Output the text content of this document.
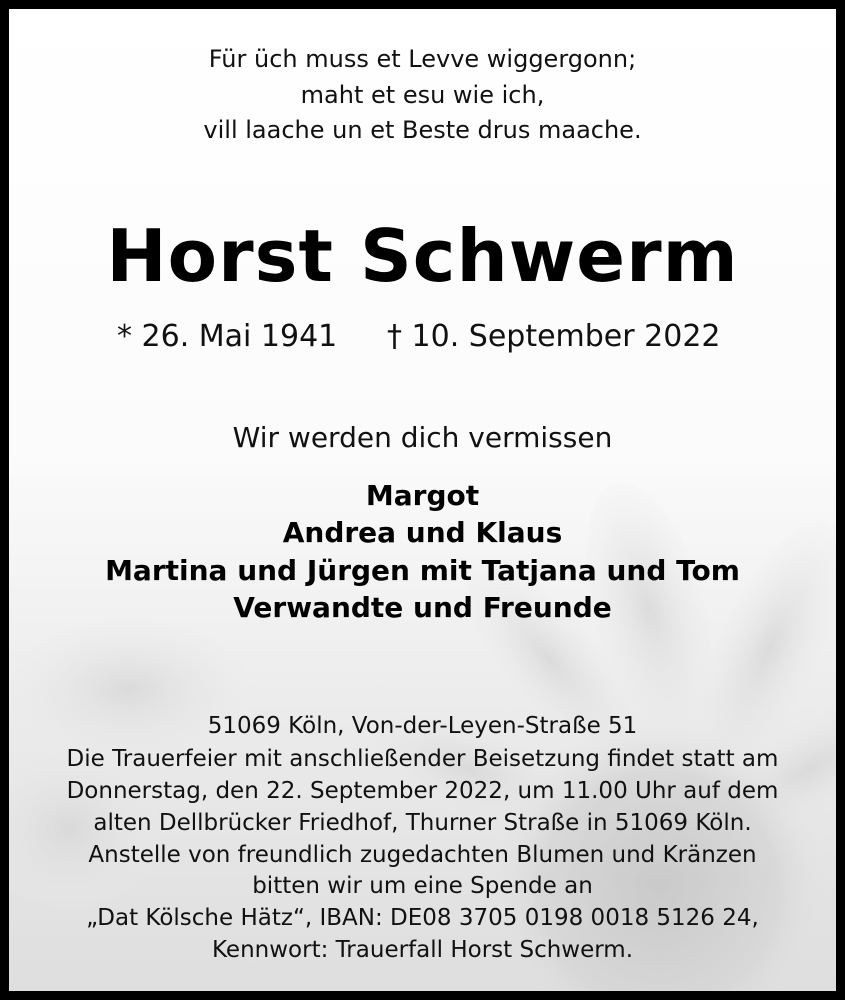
Für üch muss et Levve wiggergonn;
maht et esu wie ich,
vill laache un et Beste drus maache.
Horst Schwerm
* 26. Mai 1941 † 10. September 2022
Wir werden dich vermissen
Margot
Andrea und Klaus
Martina und Jürgen mit Tatjana und Tom
Verwandte und Freunde
51069 Köln, Von-der-Leyen-Straße 51
Die Trauerfeier mit anschließender Beisetzung findet statt am
Donnerstag, den 22. September 2022, um 11.00 Uhr auf dem
alten Dellbrücker Friedhof, Thurner Straße in 51069 Köln.
Anstelle von freundlich zugedachten Blumen und Kränzen
bitten wir um eine Spende an
„Dat Kölsche Hätz“, IBAN: DE08 3705 0198 0018 5126 24,
Kennwort: Trauerfall Horst Schwerm.
